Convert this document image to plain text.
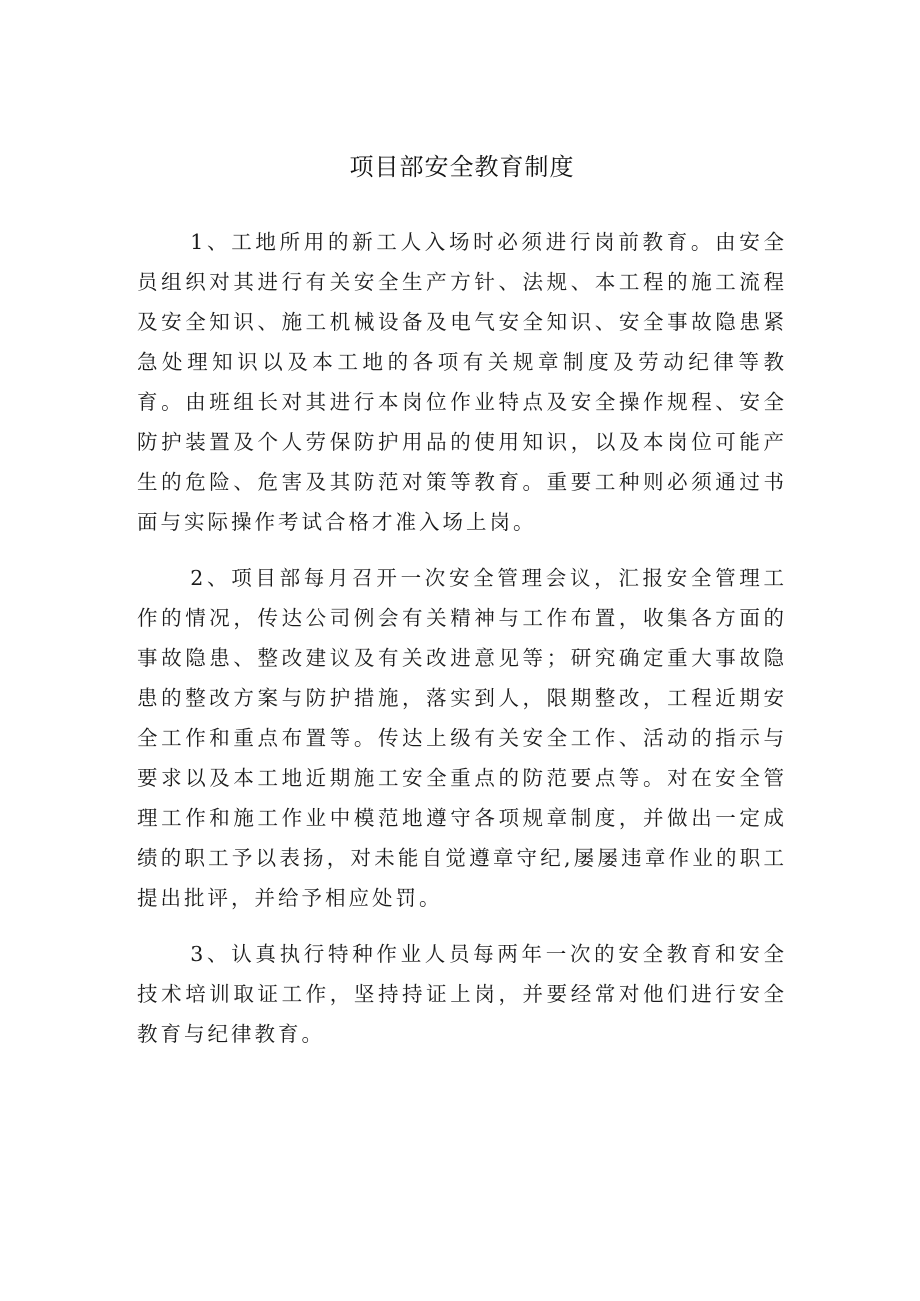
项目部安全教育制度

1、工地所用的新工人入场时必须进行岗前教育。由安全员组织对其进行有关安全生产方针、法规、本工程的施工流程及安全知识、施工机械设备及电气安全知识、安全事故隐患紧急处理知识以及本工地的各项有关规章制度及劳动纪律等教育。由班组长对其进行本岗位作业特点及安全操作规程、安全防护装置及个人劳保防护用品的使用知识，以及本岗位可能产生的危险、危害及其防范对策等教育。重要工种则必须通过书面与实际操作考试合格才准入场上岗。

2、项目部每月召开一次安全管理会议，汇报安全管理工作的情况，传达公司例会有关精神与工作布置，收集各方面的事故隐患、整改建议及有关改进意见等；研究确定重大事故隐患的整改方案与防护措施，落实到人，限期整改，工程近期安全工作和重点布置等。传达上级有关安全工作、活动的指示与要求以及本工地近期施工安全重点的防范要点等。对在安全管理工作和施工作业中模范地遵守各项规章制度，并做出一定成绩的职工予以表扬，对未能自觉遵章守纪,屡屡违章作业的职工提出批评，并给予相应处罚。

3、认真执行特种作业人员每两年一次的安全教育和安全技术培训取证工作，坚持持证上岗，并要经常对他们进行安全教育与纪律教育。
